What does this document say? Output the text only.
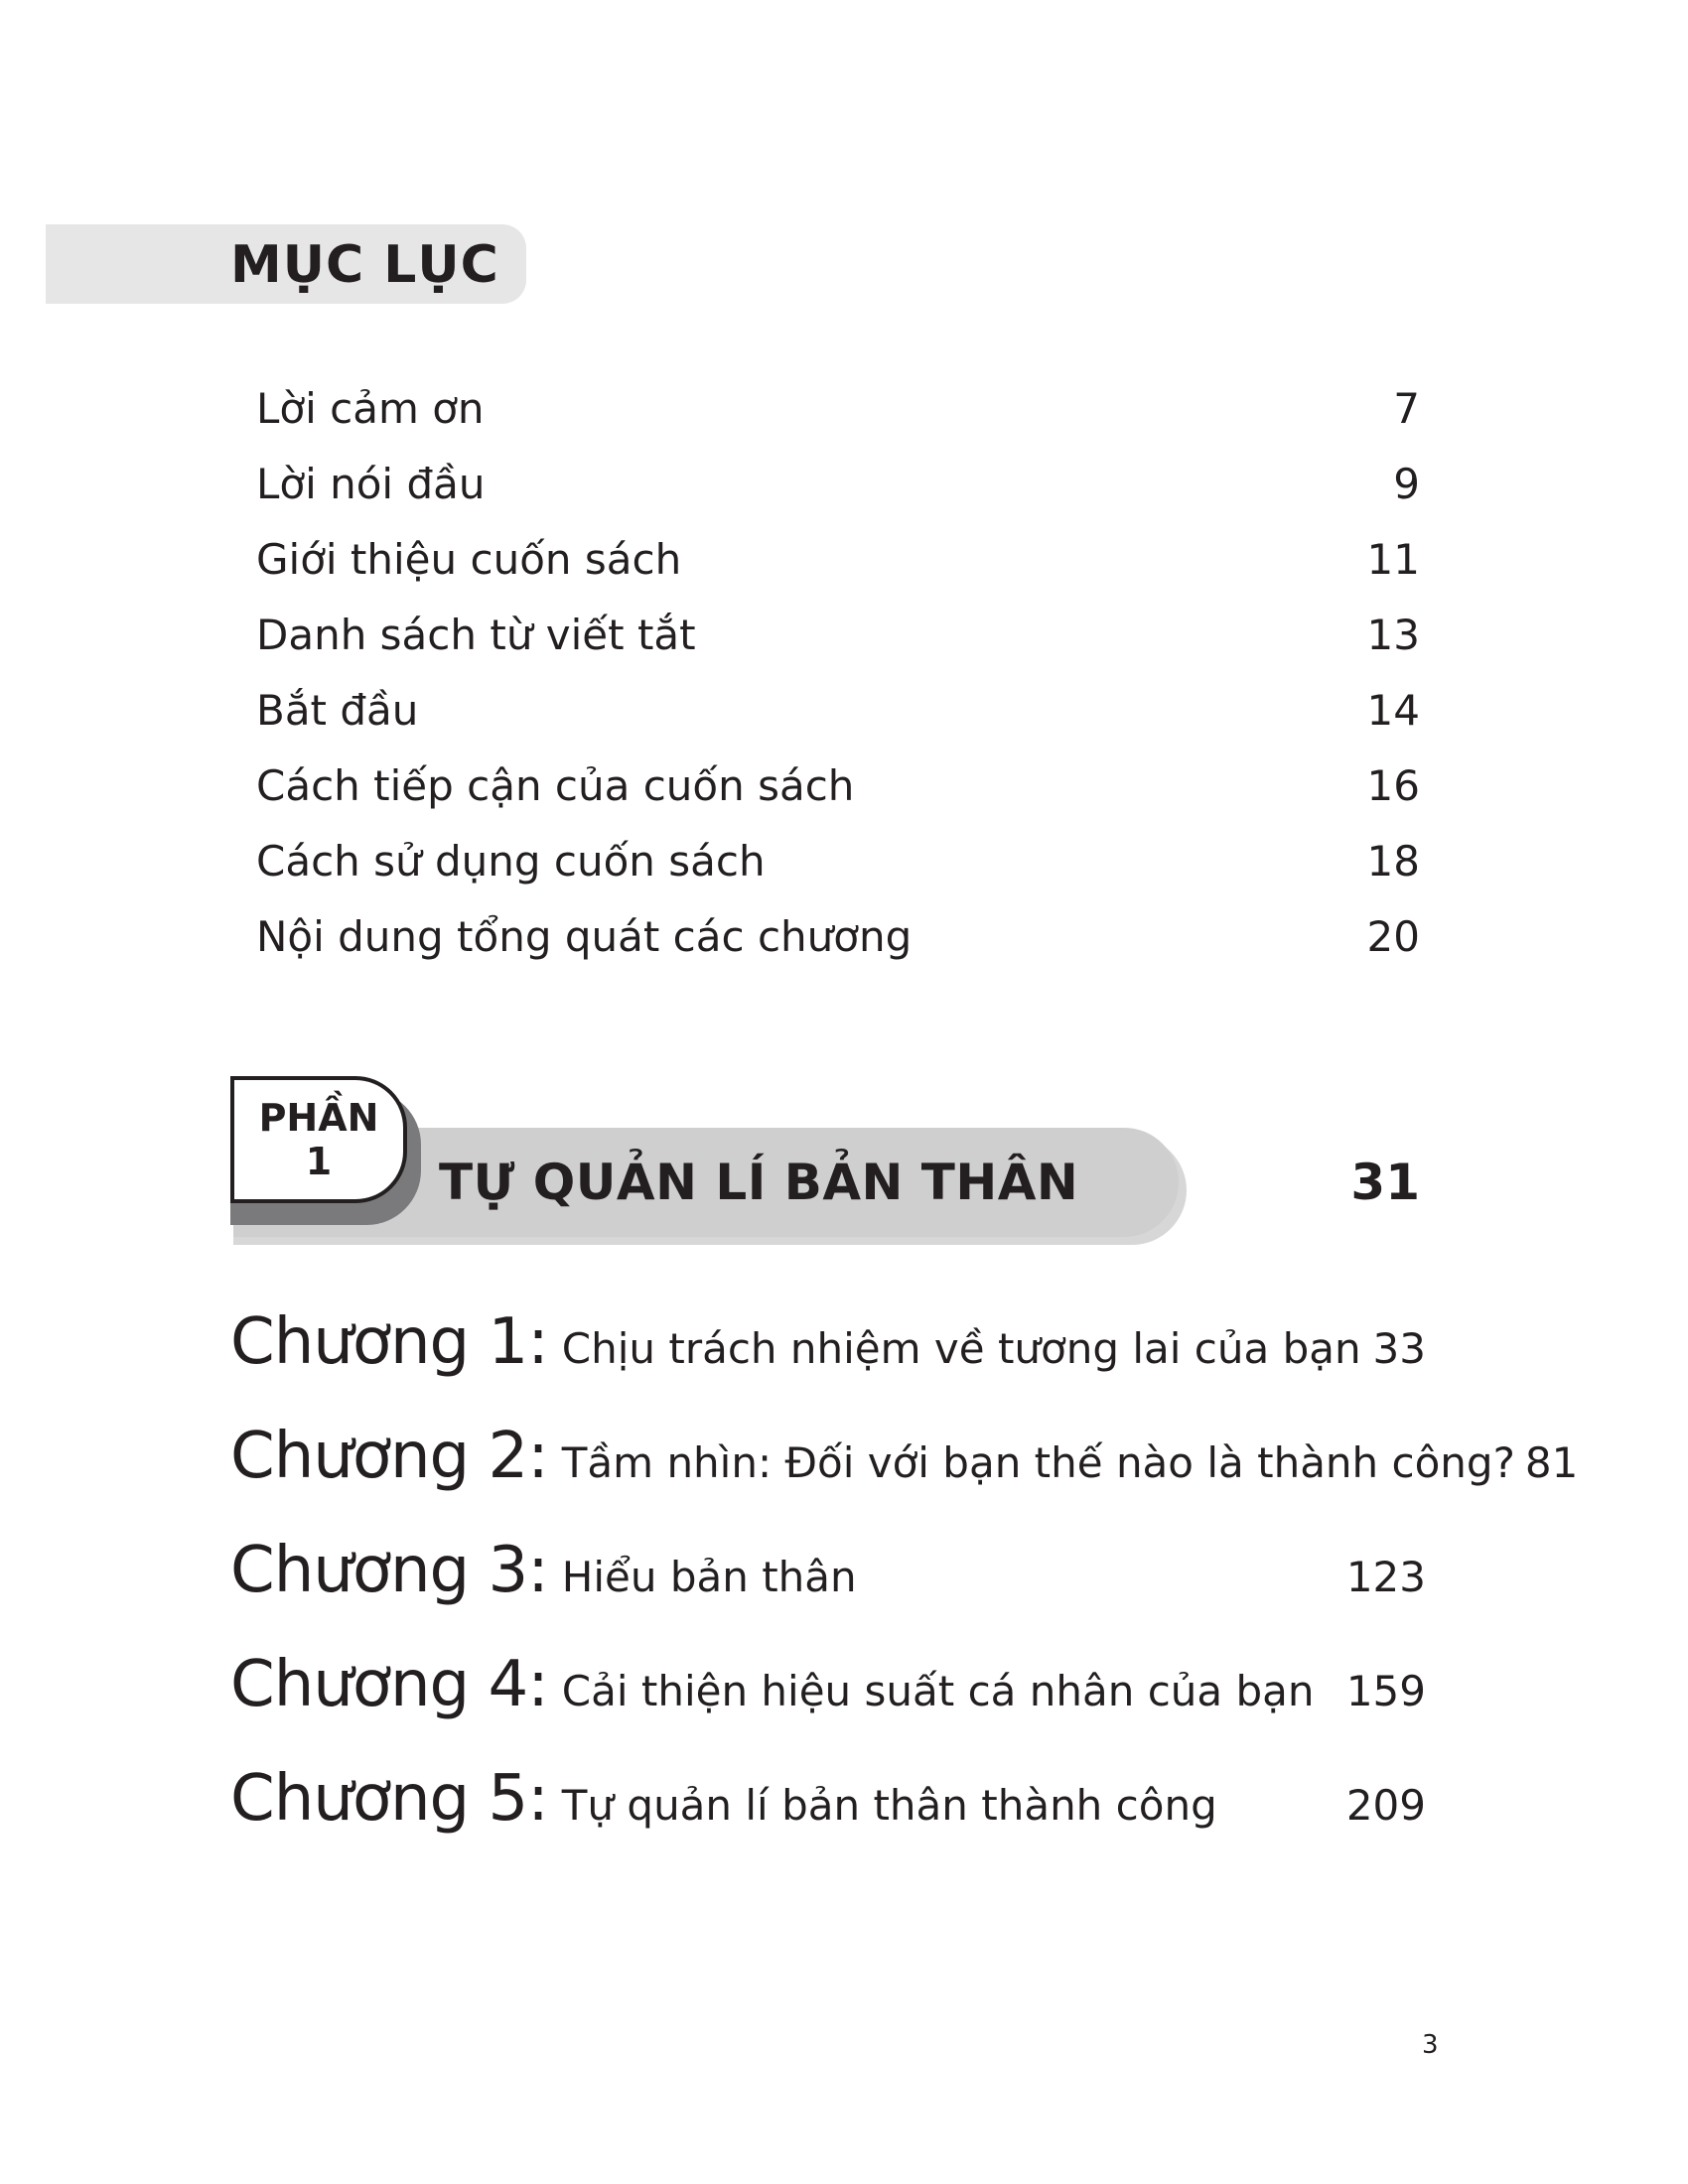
MỤC LỤC
Lời cảm ơn	7
Lời nói đầu	9
Giới thiệu cuốn sách	11
Danh sách từ viết tắt	13
Bắt đầu	14
Cách tiếp cận của cuốn sách	16
Cách sử dụng cuốn sách	18
Nội dung tổng quát các chương	20
PHẦN
1 TỰ QUẢN LÍ BẢN THÂN	31
Chương 1: Chịu trách nhiệm về tương lai của bạn 33
Chương 2: Tầm nhìn: Đối với bạn thế nào là thành công? 81
Chương 3: Hiểu bản thân	123
Chương 4: Cải thiện hiệu suất cá nhân của bạn 159
Chương 5: Tự quản lí bản thân thành công	209
3
